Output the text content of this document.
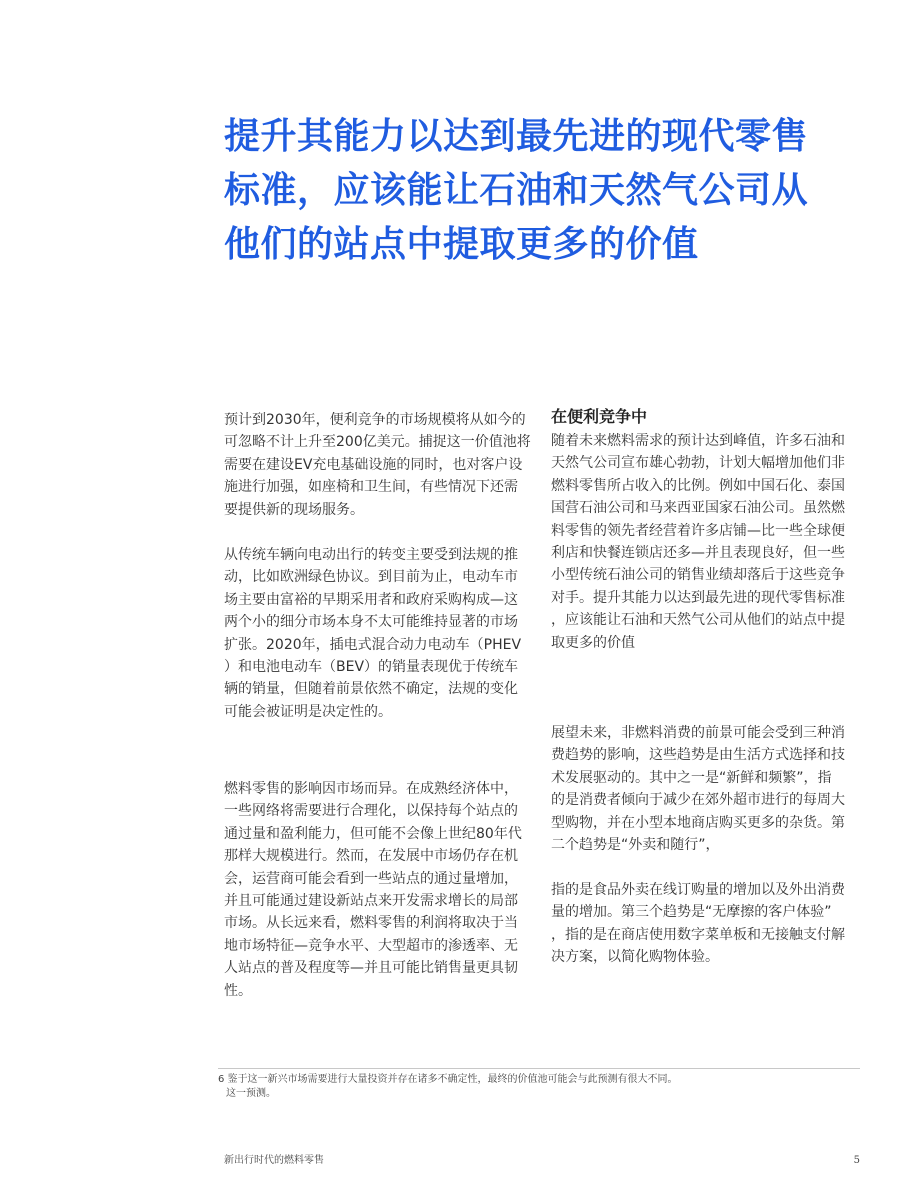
提升其能力以达到最先进的现代零售
标准，应该能让石油和天然气公司从
他们的站点中提取更多的价值

预计到2030年，便利竞争的市场规模将从如今的
可忽略不计上升至200亿美元。捕捉这一价值池将
需要在建设EV充电基础设施的同时，也对客户设
施进行加强，如座椅和卫生间，有些情况下还需
要提供新的现场服务。

从传统车辆向电动出行的转变主要受到法规的推
动，比如欧洲绿色协议。到目前为止，电动车市
场主要由富裕的早期采用者和政府采购构成—这
两个小的细分市场本身不太可能维持显著的市场
扩张。2020年，插电式混合动力电动车（PHEV
）和电池电动车（BEV）的销量表现优于传统车
辆的销量，但随着前景依然不确定，法规的变化
可能会被证明是决定性的。

燃料零售的影响因市场而异。在成熟经济体中，
一些网络将需要进行合理化，以保持每个站点的
通过量和盈利能力，但可能不会像上世纪80年代
那样大规模进行。然而，在发展中市场仍存在机
会，运营商可能会看到一些站点的通过量增加，
并且可能通过建设新站点来开发需求增长的局部
市场。从长远来看，燃料零售的利润将取决于当
地市场特征—竞争水平、大型超市的渗透率、无
人站点的普及程度等—并且可能比销售量更具韧
性。

在便利竞争中

随着未来燃料需求的预计达到峰值，许多石油和
天然气公司宣布雄心勃勃，计划大幅增加他们非
燃料零售所占收入的比例。例如中国石化、泰国
国营石油公司和马来西亚国家石油公司。虽然燃
料零售的领先者经营着许多店铺—比一些全球便
利店和快餐连锁店还多—并且表现良好，但一些
小型传统石油公司的销售业绩却落后于这些竞争
对手。提升其能力以达到最先进的现代零售标准
，应该能让石油和天然气公司从他们的站点中提
取更多的价值

展望未来，非燃料消费的前景可能会受到三种消
费趋势的影响，这些趋势是由生活方式选择和技
术发展驱动的。其中之一是“新鲜和频繁”，指
的是消费者倾向于减少在郊外超市进行的每周大
型购物，并在小型本地商店购买更多的杂货。第
二个趋势是“外卖和随行”，

指的是食品外卖在线订购量的增加以及外出消费
量的增加。第三个趋势是“无摩擦的客户体验”
，指的是在商店使用数字菜单板和无接触支付解
决方案，以简化购物体验。

6 鉴于这一新兴市场需要进行大量投资并存在诸多不确定性，最终的价值池可能会与此预测有很大不同。
这一预测。
新出行时代的燃料零售	5
